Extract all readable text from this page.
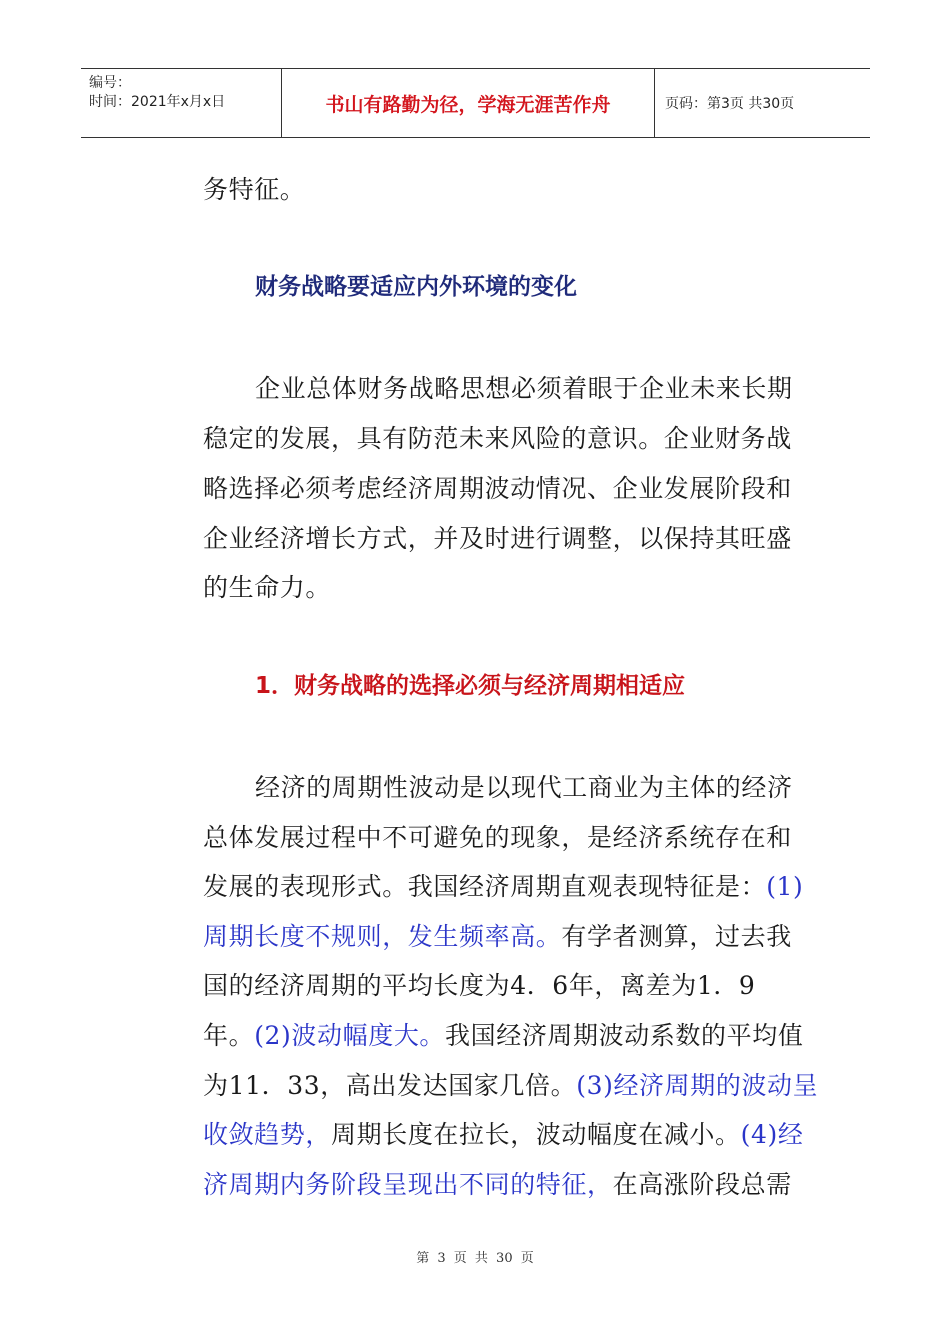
编号：
时间：2021年x月x日	书山有路勤为径，学海无涯苦作舟	页码：第3页 共30页
务特征。
财务战略要适应内外环境的变化
企业总体财务战略思想必须着眼于企业未来长期
稳定的发展，具有防范未来风险的意识。企业财务战
略选择必须考虑经济周期波动情况、企业发展阶段和
企业经济增长方式，并及时进行调整，以保持其旺盛
的生命力。
1．财务战略的选择必须与经济周期相适应
经济的周期性波动是以现代工商业为主体的经济
总体发展过程中不可避免的现象，是经济系统存在和
发展的表现形式。我国经济周期直观表现特征是：(1)
周期长度不规则，发生频率高。有学者测算，过去我
国的经济周期的平均长度为4．6年，离差为1．9
年。(2)波动幅度大。我国经济周期波动系数的平均值
为11．33，高出发达国家几倍。(3)经济周期的波动呈
收敛趋势，周期长度在拉长，波动幅度在减小。(4)经
济周期内务阶段呈现出不同的特征，在高涨阶段总需
第 3 页 共 30 页
